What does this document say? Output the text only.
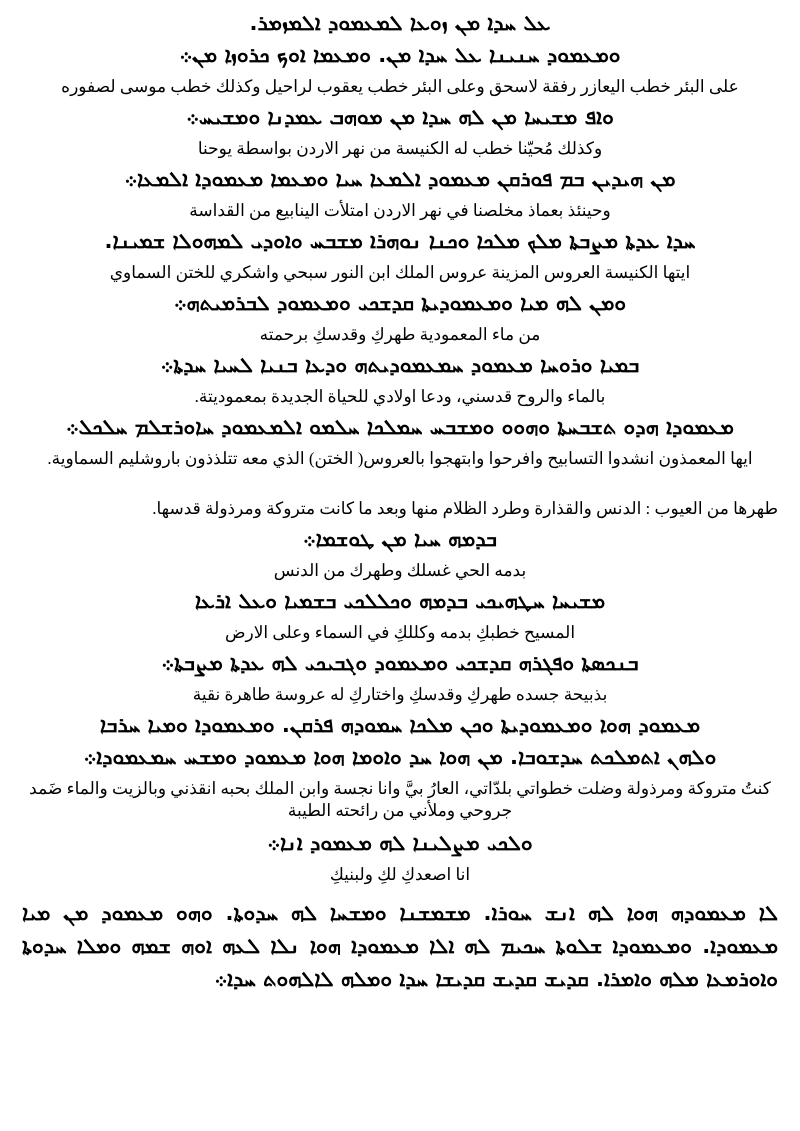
ܥܠ ܚܕܐ ܡܢ ܙܘܥܐ ܠܡܥܡܘܕ ܐܠܡܙܡܪ.
ܘܡܥܡܘܕ ܚܢܝܢܐ ܥܠ ܚܕܐ ܡܢ. ܘܡܥܡܐ ܐܘܟ ܟܪܘܙܐ ܡܢ܀
على البئر خطب اليعازر رفقة لاسحق وعلى البئر خطب يعقوب لراحيل وكذلك خطب موسى لصفوره
ܘܐܦ ܡܫܝܚܐ ܡܢ ܠܗ ܚܕܐ ܡܢ ܡܘܗܒ ܥܡܕܢܐ ܘܡܫܝܚ܀
وكذلك مُحيّنا خطب له الكنيسة من نهر الاردن بواسطة يوحنا
ܡܢ ܗܝܕܝܢ ܒܡ ܦܘܪܩܢ ܡܥܡܘܕ ܐܠܡܥܐ ܚܝܐ ܘܡܥܡܐ ܡܥܡܘܕܐ ܐܠܡܥܐ܀
وحينئذ بعماذ مخلصنا في نهر الاردن امتلأت الينابيع من القداسة
ܚܕܐ ܥܕܬܐ ܡܨܒܬܐ ܡܠܟ ܡܠܟܐ ܘܟܢܐ ܢܘܗܪܐ ܡܫܒܚ ܘܐܘܕܝ ܠܡܗܘܠܐ ܫܡܝܢܐ.
ايتها الكنيسة العروس المزينة عروس الملك ابن النور سبحي واشكري للختن السماوي
ܘܡܢ ܠܗ ܡܝܐ ܘܡܥܡܘܕܝܬܐ ܩܕܫܟܝ ܘܡܥܡܘܕ ܠܒܪܡܝܬܗ܀
من ماء المعمودية طهركِ وقدسكِ برحمته
ܒܡܝܐ ܘܪܘܚܐ ܡܥܡܘܕ ܚܡܥܡܘܕܝܬܗ ܘܕܥܐ ܒܢܝܐ ܠܚܝܐ ܚܕܬܐ܀
بالماء والروح قدسني، ودعا اولادي للحياة الجديدة بمعموديتة.
ܡܥܡܘܕܐ ܗܕܘ ܬܫܒܚܬܐ ܘܗܘܘ ܘܡܫܒܚ ܚܡܠܟܐ ܚܠܡܘ ܐܠܡܥܡܘܕ ܚܐܘܪܫܠܡ ܚܠܟܠ܀
ايها المعمذون انشدوا التسابيح وافرحوا وابتهجوا بالعروس( الختن) الذي معه تتلذذون باروشليم السماوية.
طهرها من العيوب : الدنس والقذارة وطرد الظلام منها وبعد ما كانت متروكة ومرذولة قدسها.
ܒܕܡܗ ܚܝܐ ܡܢ ܛܘܫܡܐ܀
بدمه الحي غسلك وطهرك من الدنس
ܡܫܝܚܐ ܚܛܗܝܟܝ ܒܕܡܗ ܘܟܠܠܟܝ ܒܫܡܝܐ ܘܥܠ ܐܪܥܐ
المسيح خطبكِ بدمه وكللكِ في السماء وعلى الارض
ܒܢܟܣܬܐ ܘܦܓܪܗ ܩܕܫܟܝ ܘܡܥܡܘܕ ܘܓܒܝܟܝ ܠܗ ܥܕܬܐ ܡܨܒܬܐ܀
بذبيحة جسده طهركِ وقدسكِ واختاركِ له عروسة طاهرة نقية
ܡܥܡܘܕ ܗܘܐ ܘܡܥܡܘܕܝܬܐ ܘܟܢ ܡܠܟܐ ܚܡܘܕܗ ܦܪܩܢ. ܘܡܥܡܘܕܐ ܘܡܝܐ ܚܪܒܐ
ܘܠܗܢ ܐܬܡܠܟܬ ܚܕܫܘܒܐ. ܡܢ ܗܘܐ ܚܕ ܘܐܘܡܐ ܗܘܐ ܡܥܡܘܕ ܘܡܫܚ ܚܡܥܡܘܕܐ܀
كنتُ متروكة ومرذولة وضلت خطواتي بلدّاتي، العارُ بيَّ وانا نجسة وابن الملك بحبه انقذني وبالزيت والماء ضَمد جروحي وملأني من رائحته الطيبة
ܘܠܟܝ ܡܨܠܝܢܐ ܠܗ ܡܥܡܘܕ ܐܢܐ܀
انا اصعدكِ لكِ ولبنيكِ
ܠܐ ܡܥܡܘܕܗ ܗܘܐ ܠܗ ܐܢܫ ܚܘܪܐ. ܡܫܡܫܢܐ ܘܡܫܚܐ ܠܗ ܚܕܘܬܐ. ܘܗܘ ܡܥܡܘܕ ܡܢ ܡܝܐ ܡܥܡܘܕܐ. ܘܡܥܡܘܕܐ ܫܠܘܬܐ ܚܟܝܡ ܠܗ ܐܠܐ ܡܥܡܘܕܐ ܗܘܐ ܢܠܐ ܠܥܗ ܐܘܗ ܫܡܗ ܘܡܠܐ ܚܕܘܬܐ ܘܐܘܪܡܥܐ ܡܠܗ ܘܐܡܪܐ. ܩܕܝܫ ܩܕܝܫ ܩܕܝܫܐ ܚܕܐ ܘܡܠܗ ܠܐܠܗܘܬ ܚܕܐ܀
